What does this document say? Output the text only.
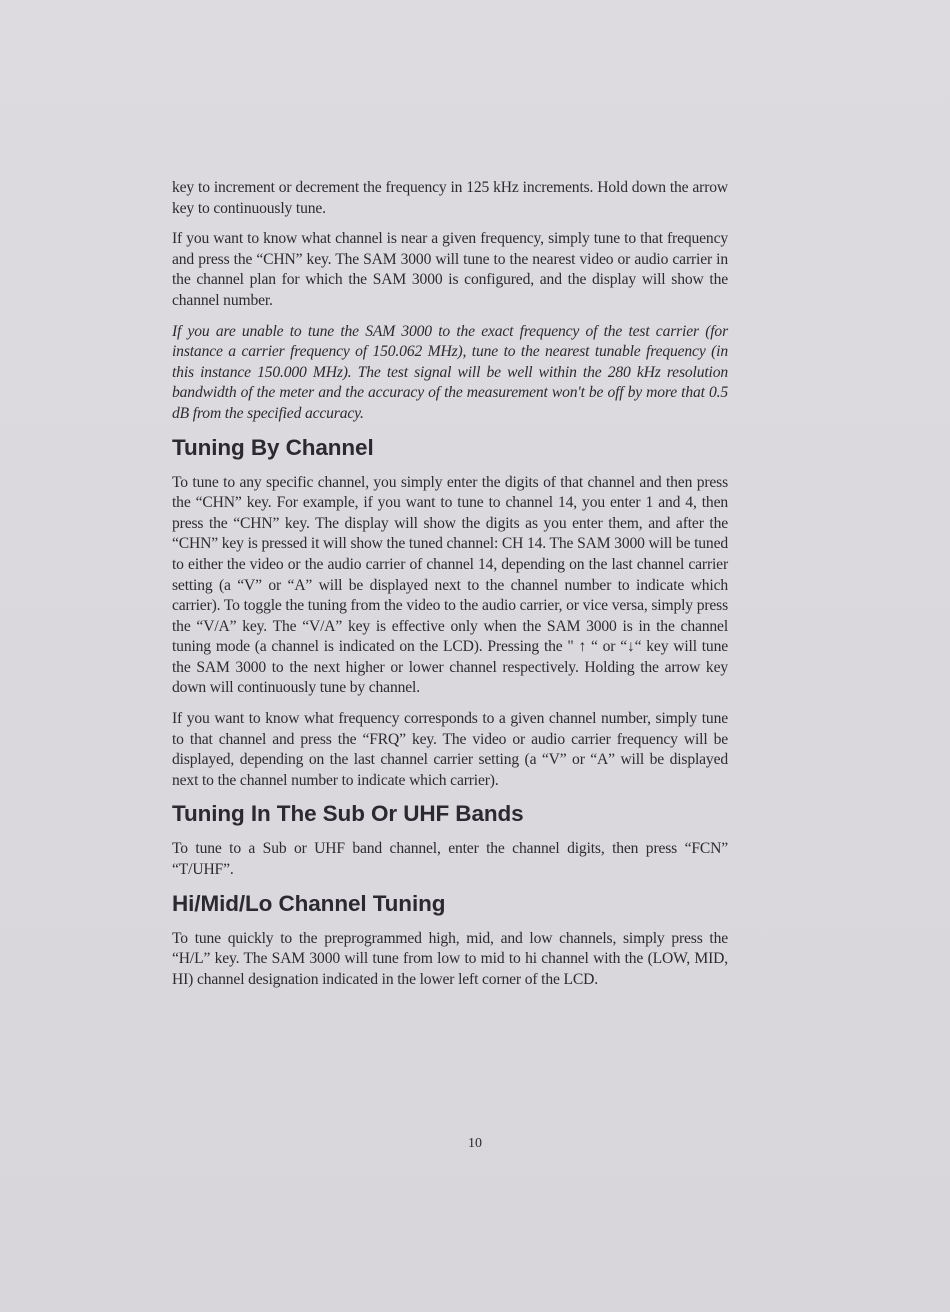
key to increment or decrement the frequency in 125 kHz increments. Hold down the arrow key to continuously tune.

If you want to know what channel is near a given frequency, simply tune to that frequency and press the “CHN” key. The SAM 3000 will tune to the nearest video or audio carrier in the channel plan for which the SAM 3000 is configured, and the display will show the channel number.

If you are unable to tune the SAM 3000 to the exact frequency of the test carrier (for instance a carrier frequency of 150.062 MHz), tune to the nearest tunable frequency (in this instance 150.000 MHz). The test signal will be well within the 280 kHz resolution bandwidth of the meter and the accuracy of the measurement won't be off by more that 0.5 dB from the specified accuracy.

Tuning By Channel

To tune to any specific channel, you simply enter the digits of that channel and then press the “CHN” key. For example, if you want to tune to channel 14, you enter 1 and 4, then press the “CHN” key. The display will show the digits as you enter them, and after the “CHN” key is pressed it will show the tuned channel: CH 14. The SAM 3000 will be tuned to either the video or the audio carrier of channel 14, depending on the last channel carrier setting (a “V” or “A” will be displayed next to the channel number to indicate which carrier). To toggle the tuning from the video to the audio carrier, or vice versa, simply press the “V/A” key. The “V/A” key is effective only when the SAM 3000 is in the channel tuning mode (a channel is indicated on the LCD). Pressing the " ↑ “ or “↓“ key will tune the SAM 3000 to the next higher or lower channel respectively. Holding the arrow key down will continuously tune by channel.

If you want to know what frequency corresponds to a given channel number, simply tune to that channel and press the “FRQ” key. The video or audio carrier frequency will be displayed, depending on the last channel carrier setting (a “V” or “A” will be displayed next to the channel number to indicate which carrier).

Tuning In The Sub Or UHF Bands

To tune to a Sub or UHF band channel, enter the channel digits, then press “FCN” “T/UHF”.

Hi/Mid/Lo Channel Tuning

To tune quickly to the preprogrammed high, mid, and low channels, simply press the “H/L” key. The SAM 3000 will tune from low to mid to hi channel with the (LOW, MID, HI) channel designation indicated in the lower left corner of the LCD.

10
